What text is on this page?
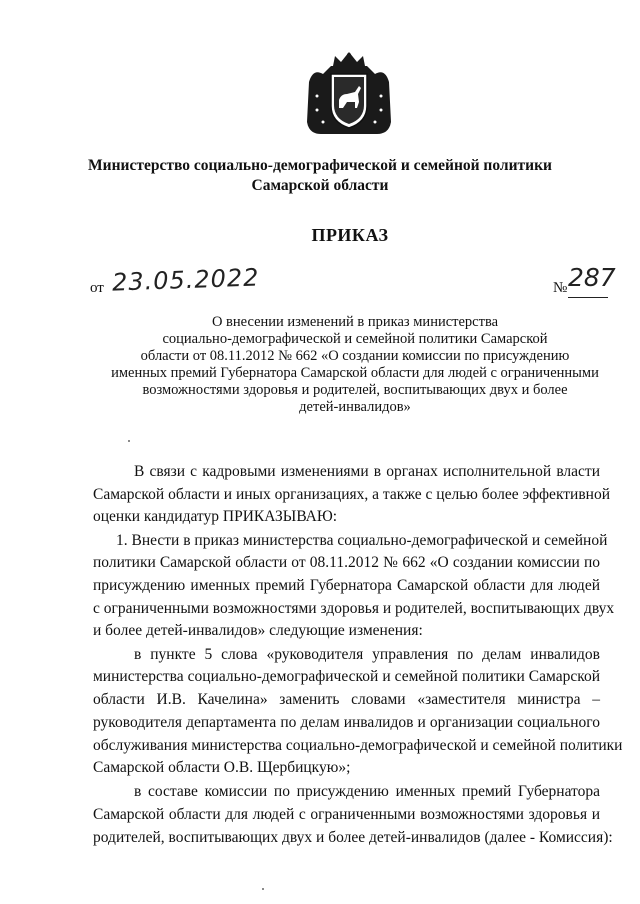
Министерство социально-демографической и семейной политики
Самарской области
ПРИКАЗ
от 23.05.2022	№ 287
О внесении изменений в приказ министерства
социально-демографической и семейной политики Самарской
области от 08.11.2012 № 662 «О создании комиссии по присуждению
именных премий Губернатора Самарской области для людей с ограниченными
возможностями здоровья и родителей, воспитывающих двух и более
детей-инвалидов»
В связи с кадровыми изменениями в органах исполнительной власти
Самарской области и иных организациях, а также с целью более эффективной
оценки кандидатур ПРИКАЗЫВАЮ:
1. Внести в приказ министерства социально-демографической и семейной
политики Самарской области от 08.11.2012 № 662 «О создании комиссии по
присуждению именных премий Губернатора Самарской области для людей
с ограниченными возможностями здоровья и родителей, воспитывающих двух
и более детей-инвалидов» следующие изменения:
в пункте 5 слова «руководителя управления по делам инвалидов
министерства социально-демографической и семейной политики Самарской
области И.В. Качелина» заменить словами «заместителя министра –
руководителя департамента по делам инвалидов и организации социального
обслуживания министерства социально-демографической и семейной политики
Самарской области О.В. Щербицкую»;
в составе комиссии по присуждению именных премий Губернатора
Самарской области для людей с ограниченными возможностями здоровья и
родителей, воспитывающих двух и более детей-инвалидов (далее - Комиссия):
